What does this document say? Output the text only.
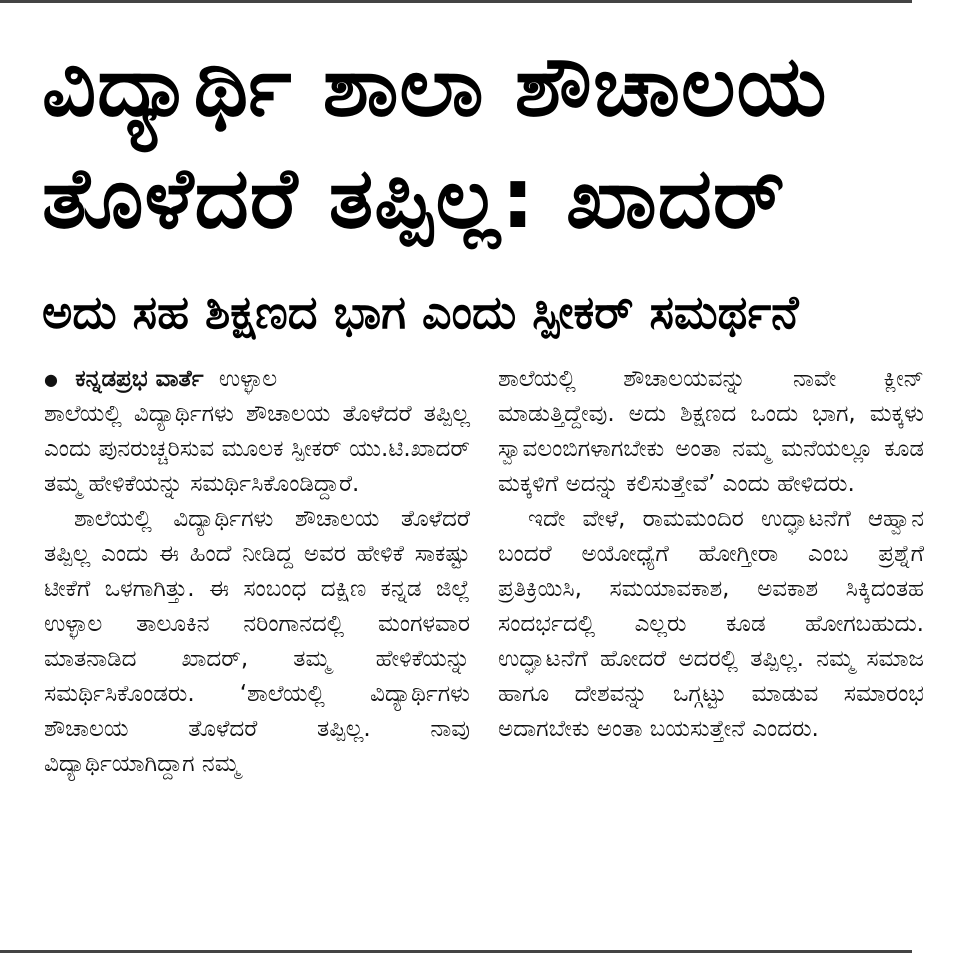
ವಿದ್ಯಾರ್ಥಿ ಶಾಲಾ ಶೌಚಾಲಯ
ತೊಳೆದರೆ ತಪ್ಪಿಲ್ಲ: ಖಾದರ್
ಅದು ಸಹ ಶಿಕ್ಷಣದ ಭಾಗ ಎಂದು ಸ್ಪೀಕರ್ ಸಮರ್ಥನೆ
● ಕನ್ನಡಪ್ರಭ ವಾರ್ತೆ ಉಳ್ಳಾಲ

ಶಾಲೆಯಲ್ಲಿ ವಿದ್ಯಾರ್ಥಿಗಳು ಶೌಚಾಲಯ ತೊಳೆದರೆ ತಪ್ಪಿಲ್ಲ ಎಂದು ಪುನರುಚ್ಚರಿಸುವ ಮೂಲಕ ಸ್ಪೀಕರ್ ಯು.ಟಿ.ಖಾದರ್ ತಮ್ಮ ಹೇಳಿಕೆಯನ್ನು ಸಮರ್ಥಿಸಿಕೊಂಡಿದ್ದಾರೆ.

ಶಾಲೆಯಲ್ಲಿ ವಿದ್ಯಾರ್ಥಿಗಳು ಶೌಚಾಲಯ ತೊಳೆದರೆ ತಪ್ಪಿಲ್ಲ ಎಂದು ಈ ಹಿಂದೆ ನೀಡಿದ್ದ ಅವರ ಹೇಳಿಕೆ ಸಾಕಷ್ಟು ಟೀಕೆಗೆ ಒಳಗಾಗಿತ್ತು. ಈ ಸಂಬಂಧ ದಕ್ಷಿಣ ಕನ್ನಡ ಜಿಲ್ಲೆ ಉಳ್ಳಾಲ ತಾಲೂಕಿನ ನರಿಂಗಾನದಲ್ಲಿ ಮಂಗಳವಾರ ಮಾತನಾಡಿದ ಖಾದರ್, ತಮ್ಮ ಹೇಳಿಕೆಯನ್ನು ಸಮರ್ಥಿಸಿಕೊಂಡರು. ‘ಶಾಲೆಯಲ್ಲಿ ವಿದ್ಯಾರ್ಥಿಗಳು ಶೌಚಾಲಯ ತೊಳೆದರೆ ತಪ್ಪಿಲ್ಲ. ನಾವು ವಿದ್ಯಾರ್ಥಿಯಾಗಿದ್ದಾಗ ನಮ್ಮ

ಶಾಲೆಯಲ್ಲಿ ಶೌಚಾಲಯವನ್ನು ನಾವೇ ಕ್ಲೀನ್ ಮಾಡುತ್ತಿದ್ದೇವು. ಅದು ಶಿಕ್ಷಣದ ಒಂದು ಭಾಗ, ಮಕ್ಕಳು ಸ್ವಾವಲಂಬಿಗಳಾಗಬೇಕು ಅಂತಾ ನಮ್ಮ ಮನೆಯಲ್ಲೂ ಕೂಡ ಮಕ್ಕಳಿಗೆ ಅದನ್ನು ಕಲಿಸುತ್ತೇವೆ’ ಎಂದು ಹೇಳಿದರು.

ಇದೇ ವೇಳೆ, ರಾಮಮಂದಿರ ಉದ್ಘಾಟನೆಗೆ ಆಹ್ವಾನ ಬಂದರೆ ಅಯೋಧ್ಯೆಗೆ ಹೋಗ್ತೀರಾ ಎಂಬ ಪ್ರಶ್ನೆಗೆ ಪ್ರತಿಕ್ರಿಯಿಸಿ, ಸಮಯಾವಕಾಶ, ಅವಕಾಶ ಸಿಕ್ಕಿದಂತಹ ಸಂದರ್ಭದಲ್ಲಿ ಎಲ್ಲರು ಕೂಡ ಹೋಗಬಹುದು. ಉದ್ಘಾಟನೆಗೆ ಹೋದರೆ ಅದರಲ್ಲಿ ತಪ್ಪಿಲ್ಲ. ನಮ್ಮ ಸಮಾಜ ಹಾಗೂ ದೇಶವನ್ನು ಒಗ್ಗಟ್ಟು ಮಾಡುವ ಸಮಾರಂಭ ಅದಾಗಬೇಕು ಅಂತಾ ಬಯಸುತ್ತೇನೆ ಎಂದರು.
